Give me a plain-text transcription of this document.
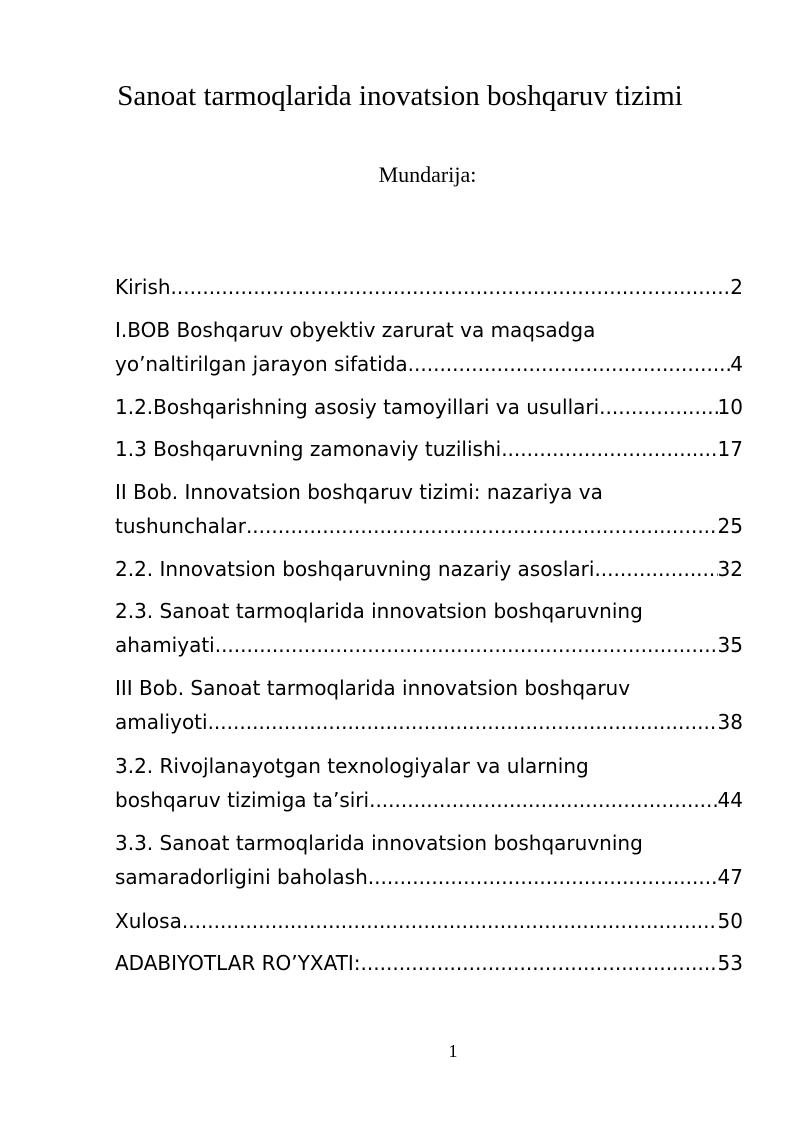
Sanoat tarmoqlarida inovatsion boshqaruv tizimi
Mundarija:
Kirish .....	2
I.BOB Boshqaruv obyektiv zarurat va maqsadga
yo’naltirilgan jarayon sifatida .....	4
1.2.Boshqarishning asosiy tamoyillari va usullari .....	10
1.3 Boshqaruvning zamonaviy tuzilishi .....	17
II Bob. Innovatsion boshqaruv tizimi: nazariya va
tushunchalar .....	25
2.2. Innovatsion boshqaruvning nazariy asoslari .....	32
2.3. Sanoat tarmoqlarida innovatsion boshqaruvning
ahamiyati .....	35
III Bob. Sanoat tarmoqlarida innovatsion boshqaruv
amaliyoti .....	38
3.2. Rivojlanayotgan texnologiyalar va ularning
boshqaruv tizimiga ta’siri .....	44
3.3. Sanoat tarmoqlarida innovatsion boshqaruvning
samaradorligini baholash .....	47
Xulosa .....	50
ADABIYOTLAR RO’YXATI: .....	53
1
